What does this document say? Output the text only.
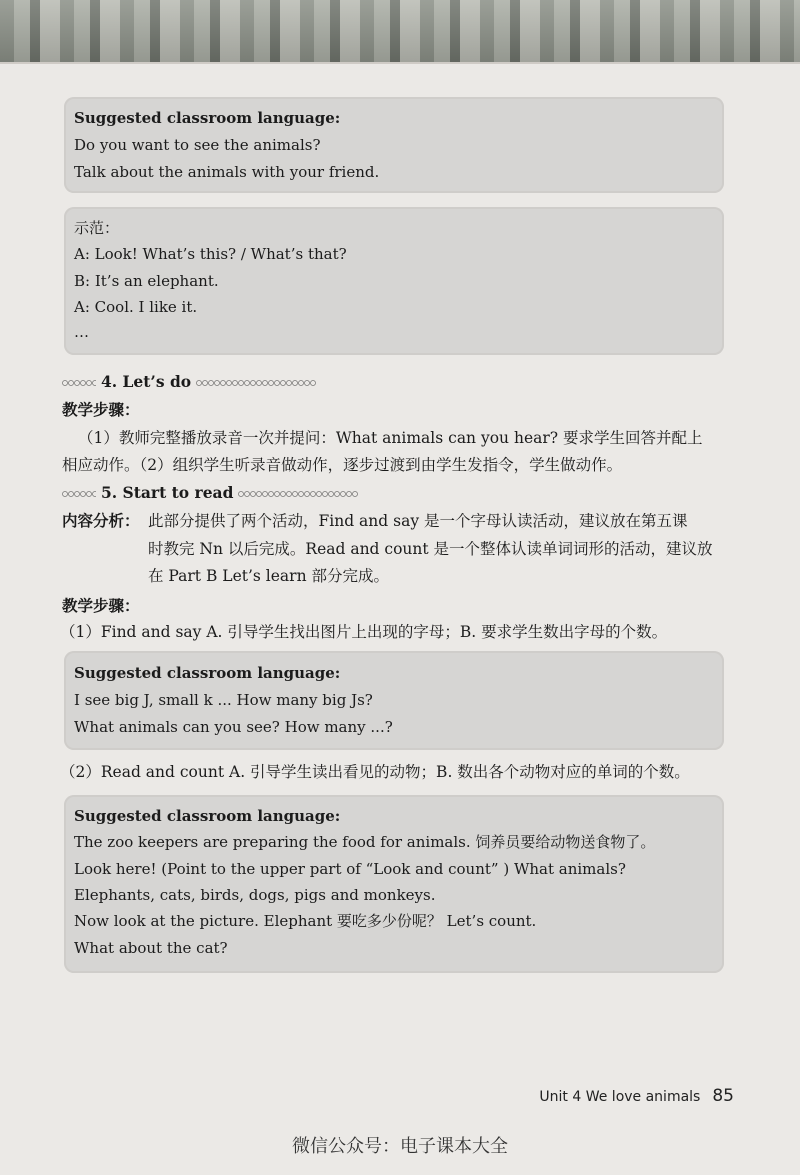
Suggested classroom language:
Do you want to see the animals?
Talk about the animals with your friend.
示范：
A: Look! What’s this? / What’s that?
B: It’s an elephant.
A: Cool. I like it.
…
4. Let’s do
教学步骤：
（1）教师完整播放录音一次并提问：What animals can you hear? 要求学生回答并配上
相应动作。（2）组织学生听录音做动作，逐步过渡到由学生发指令，学生做动作。
5. Start to read
内容分析： 此部分提供了两个活动，Find and say 是一个字母认读活动，建议放在第五课
时教完 Nn 以后完成。Read and count 是一个整体认读单词词形的活动，建议放
在 Part B Let’s learn 部分完成。
教学步骤：
（1）Find and say A. 引导学生找出图片上出现的字母；B. 要求学生数出字母的个数。
Suggested classroom language:
I see big J, small k ... How many big Js?
What animals can you see? How many ...?
（2）Read and count A. 引导学生读出看见的动物；B. 数出各个动物对应的单词的个数。
Suggested classroom language:
The zoo keepers are preparing the food for animals. 饲养员要给动物送食物了。
Look here! (Point to the upper part of “Look and count” ) What animals?
Elephants, cats, birds, dogs, pigs and monkeys.
Now look at the picture. Elephant 要吃多少份呢？ Let’s count.
What about the cat?
Unit 4 We love animals 85
微信公众号：电子课本大全
